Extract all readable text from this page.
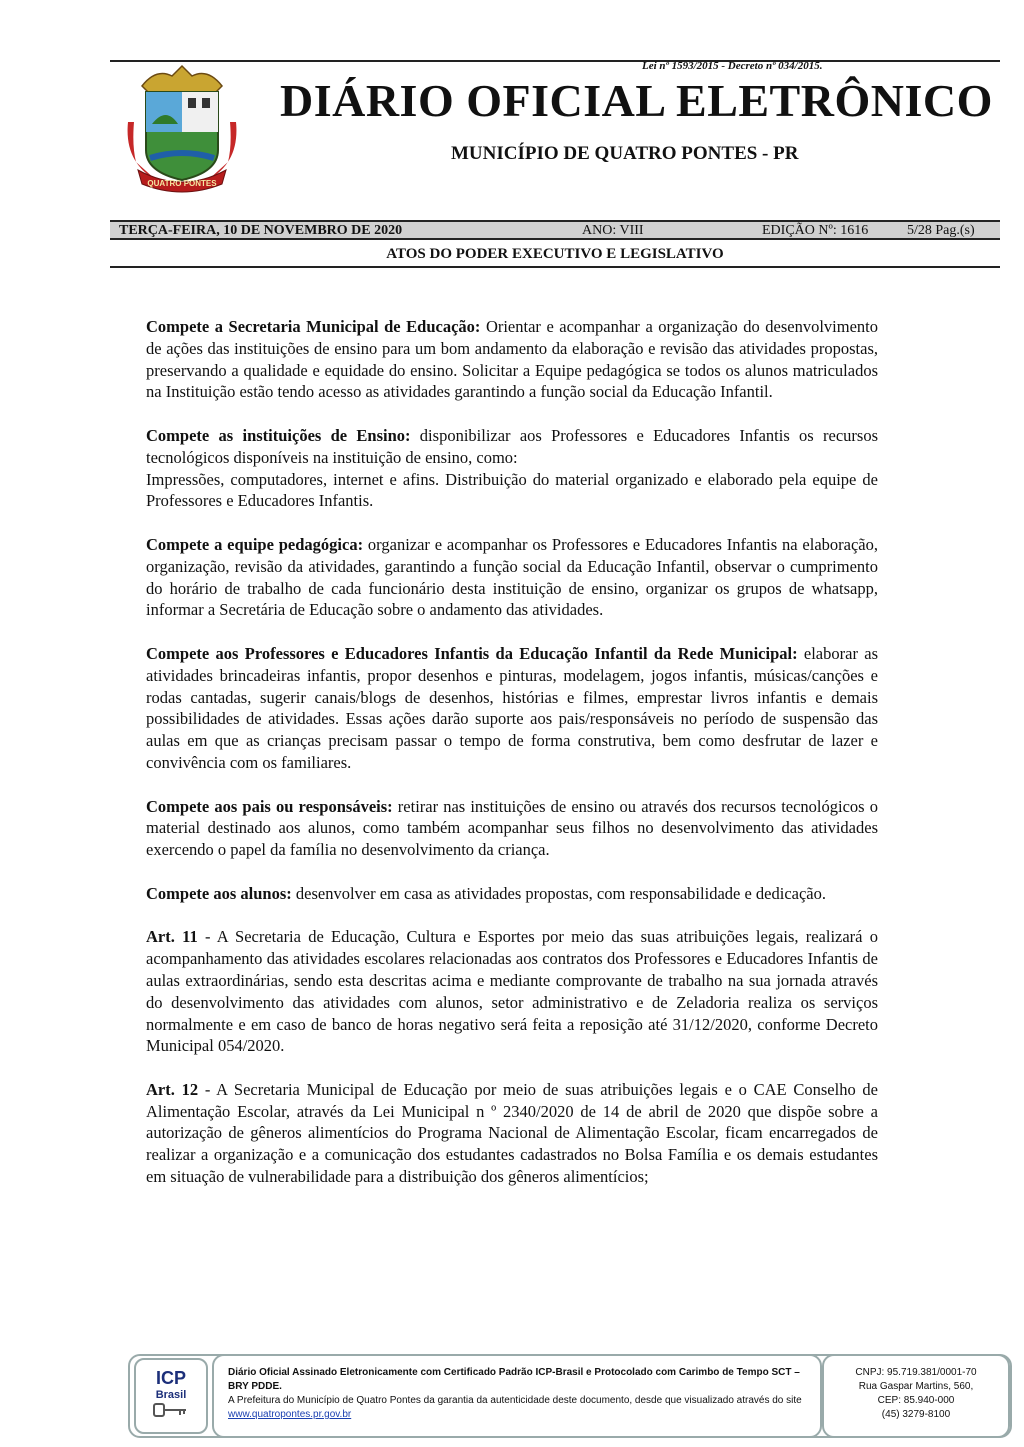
Lei nº 1593/2015 - Decreto nº 034/2015.
QUATRO PONTES
DIÁRIO OFICIAL ELETRÔNICO
MUNICÍPIO DE QUATRO PONTES - PR
TERÇA-FEIRA, 10 DE NOVEMBRO DE 2020	ANO: VIII	EDIÇÃO Nº: 1616	5/28 Pag.(s)
ATOS DO PODER EXECUTIVO E LEGISLATIVO

Compete a Secretaria Municipal de Educação: Orientar e acompanhar a organização do desenvolvimento de ações das instituições de ensino para um bom andamento da elaboração e revisão das atividades propostas, preservando a qualidade e equidade do ensino. Solicitar a Equipe pedagógica se todos os alunos matriculados na Instituição estão tendo acesso as atividades garantindo a função social da Educação Infantil.

Compete as instituições de Ensino: disponibilizar aos Professores e Educadores Infantis os recursos tecnológicos disponíveis na instituição de ensino, como:
Impressões, computadores, internet e afins. Distribuição do material organizado e elaborado pela equipe de Professores e Educadores Infantis.

Compete a equipe pedagógica: organizar e acompanhar os Professores e Educadores Infantis na elaboração, organização, revisão da atividades, garantindo a função social da Educação Infantil, observar o cumprimento do horário de trabalho de cada funcionário desta instituição de ensino, organizar os grupos de whatsapp, informar a Secretária de Educação sobre o andamento das atividades.

Compete aos Professores e Educadores Infantis da Educação Infantil da Rede Municipal: elaborar as atividades brincadeiras infantis, propor desenhos e pinturas, modelagem, jogos infantis, músicas/canções e rodas cantadas, sugerir canais/blogs de desenhos, histórias e filmes, emprestar livros infantis e demais possibilidades de atividades. Essas ações darão suporte aos pais/responsáveis no período de suspensão das aulas em que as crianças precisam passar o tempo de forma construtiva, bem como desfrutar de lazer e convivência com os familiares.

Compete aos pais ou responsáveis: retirar nas instituições de ensino ou através dos recursos tecnológicos o material destinado aos alunos, como também acompanhar seus filhos no desenvolvimento das atividades exercendo o papel da família no desenvolvimento da criança.

Compete aos alunos: desenvolver em casa as atividades propostas, com responsabilidade e dedicação.

Art. 11 - A Secretaria de Educação, Cultura e Esportes por meio das suas atribuições legais, realizará o acompanhamento das atividades escolares relacionadas aos contratos dos Professores e Educadores Infantis de aulas extraordinárias, sendo esta descritas acima e mediante comprovante de trabalho na sua jornada através do desenvolvimento das atividades com alunos, setor administrativo e de Zeladoria realiza os serviços normalmente e em caso de banco de horas negativo será feita a reposição até 31/12/2020, conforme Decreto Municipal 054/2020.

Art. 12 - A Secretaria Municipal de Educação por meio de suas atribuições legais e o CAE Conselho de Alimentação Escolar, através da Lei Municipal n º 2340/2020 de 14 de abril de 2020 que dispõe sobre a autorização de gêneros alimentícios do Programa Nacional de Alimentação Escolar, ficam encarregados de realizar a organização e a comunicação dos estudantes cadastrados no Bolsa Família e os demais estudantes em situação de vulnerabilidade para a distribuição dos gêneros alimentícios;

ICP
Brasil
Diário Oficial Assinado Eletronicamente com Certificado Padrão ICP-Brasil e Protocolado com Carimbo de Tempo SCT – BRY PDDE.
A Prefeitura do Município de Quatro Pontes da garantia da autenticidade deste documento, desde que visualizado através do site www.quatropontes.pr.gov.br
CNPJ: 95.719.381/0001-70
Rua Gaspar Martins, 560,
CEP: 85.940-000
(45) 3279-8100
